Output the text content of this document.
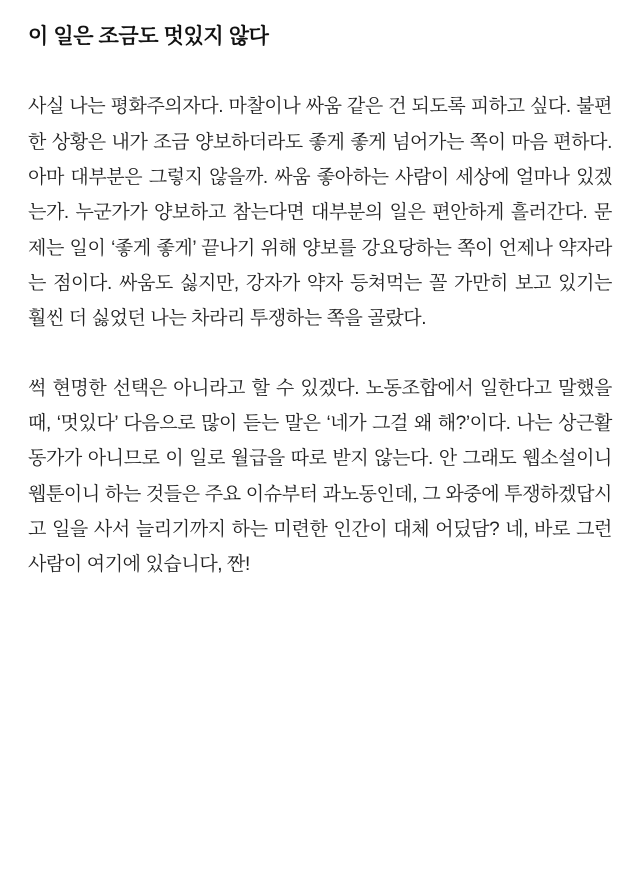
이 일은 조금도 멋있지 않다

사실 나는 평화주의자다. 마찰이나 싸움 같은 건 되도록 피하고 싶다. 불편한 상황은 내가 조금 양보하더라도 좋게 좋게 넘어가는 쪽이 마음 편하다. 아마 대부분은 그렇지 않을까. 싸움 좋아하는 사람이 세상에 얼마나 있겠는가. 누군가가 양보하고 참는다면 대부분의 일은 편안하게 흘러간다. 문제는 일이 ‘좋게 좋게’ 끝나기 위해 양보를 강요당하는 쪽이 언제나 약자라는 점이다. 싸움도 싫지만, 강자가 약자 등쳐먹는 꼴 가만히 보고 있기는 훨씬 더 싫었던 나는 차라리 투쟁하는 쪽을 골랐다.

썩 현명한 선택은 아니라고 할 수 있겠다. 노동조합에서 일한다고 말했을 때, ‘멋있다’ 다음으로 많이 듣는 말은 ‘네가 그걸 왜 해?’이다. 나는 상근활동가가 아니므로 이 일로 월급을 따로 받지 않는다. 안 그래도 웹소설이니 웹툰이니 하는 것들은 주요 이슈부터 과노동인데, 그 와중에 투쟁하겠답시고 일을 사서 늘리기까지 하는 미련한 인간이 대체 어딨담? 네, 바로 그런 사람이 여기에 있습니다, 짠!
